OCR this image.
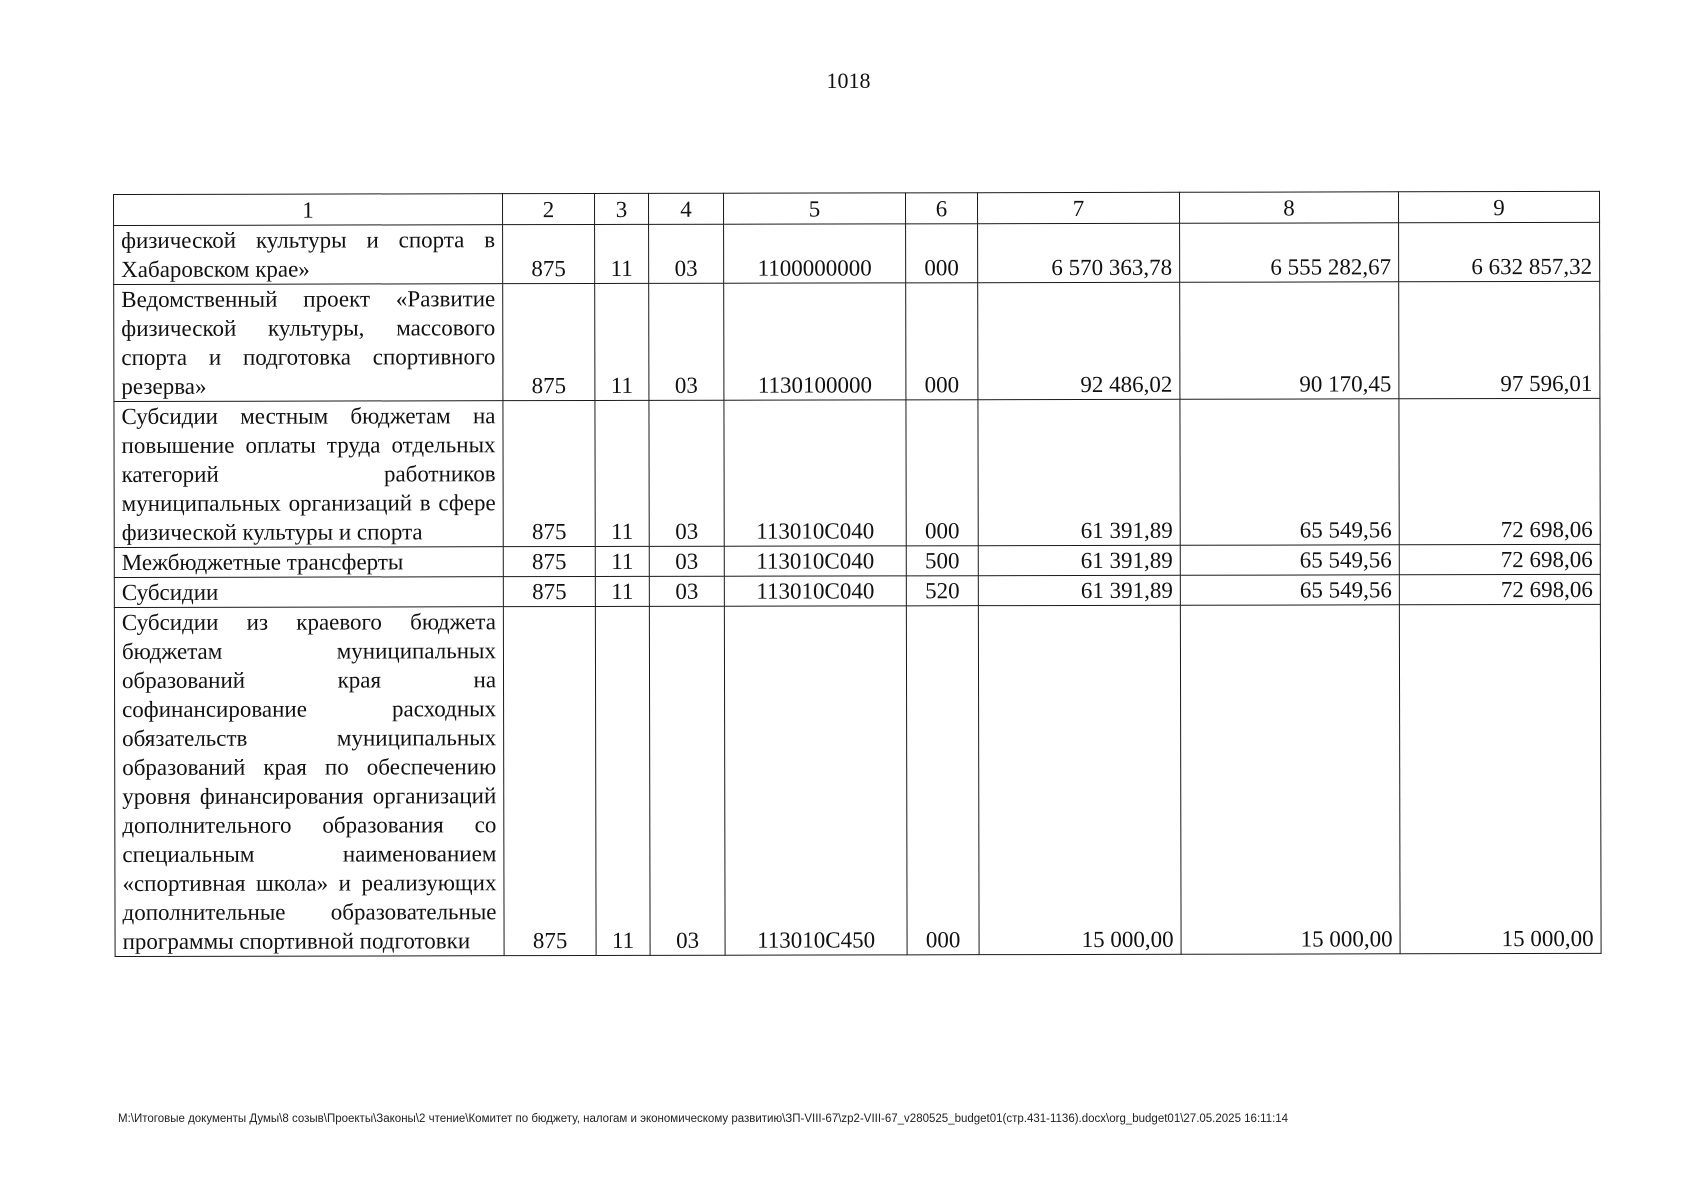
1018
1	2	3	4	5	6	7	8	9
физической культуры и спорта в Хабаровском крае»	875	11	03	1100000000	000	6 570 363,78	6 555 282,67	6 632 857,32
Ведомственный проект «Развитие физической культуры, массового спорта и подготовка спортивного резерва»	875	11	03	1130100000	000	92 486,02	90 170,45	97 596,01
Субсидии местным бюджетам на повышение оплаты труда отдельных категорий работников муниципальных организаций в сфере физической культуры и спорта	875	11	03	113010С040	000	61 391,89	65 549,56	72 698,06
Межбюджетные трансферты	875	11	03	113010С040	500	61 391,89	65 549,56	72 698,06
Субсидии	875	11	03	113010С040	520	61 391,89	65 549,56	72 698,06
Субсидии из краевого бюджета бюджетам муниципальных образований края на софинансирование расходных обязательств муниципальных образований края по обеспечению уровня финансирования организаций дополнительного образования со специальным наименованием «спортивная школа» и реализующих дополнительные образовательные программы спортивной подготовки	875	11	03	113010С450	000	15 000,00	15 000,00	15 000,00
M:\Итоговые документы Думы\8 созыв\Проекты\Законы\2 чтение\Комитет по бюджету, налогам и экономическому развитию\ЗП-VIII-67\zp2-VIII-67_v280525_budget01(стр.431-1136).docx\org_budget01\27.05.2025 16:11:14
